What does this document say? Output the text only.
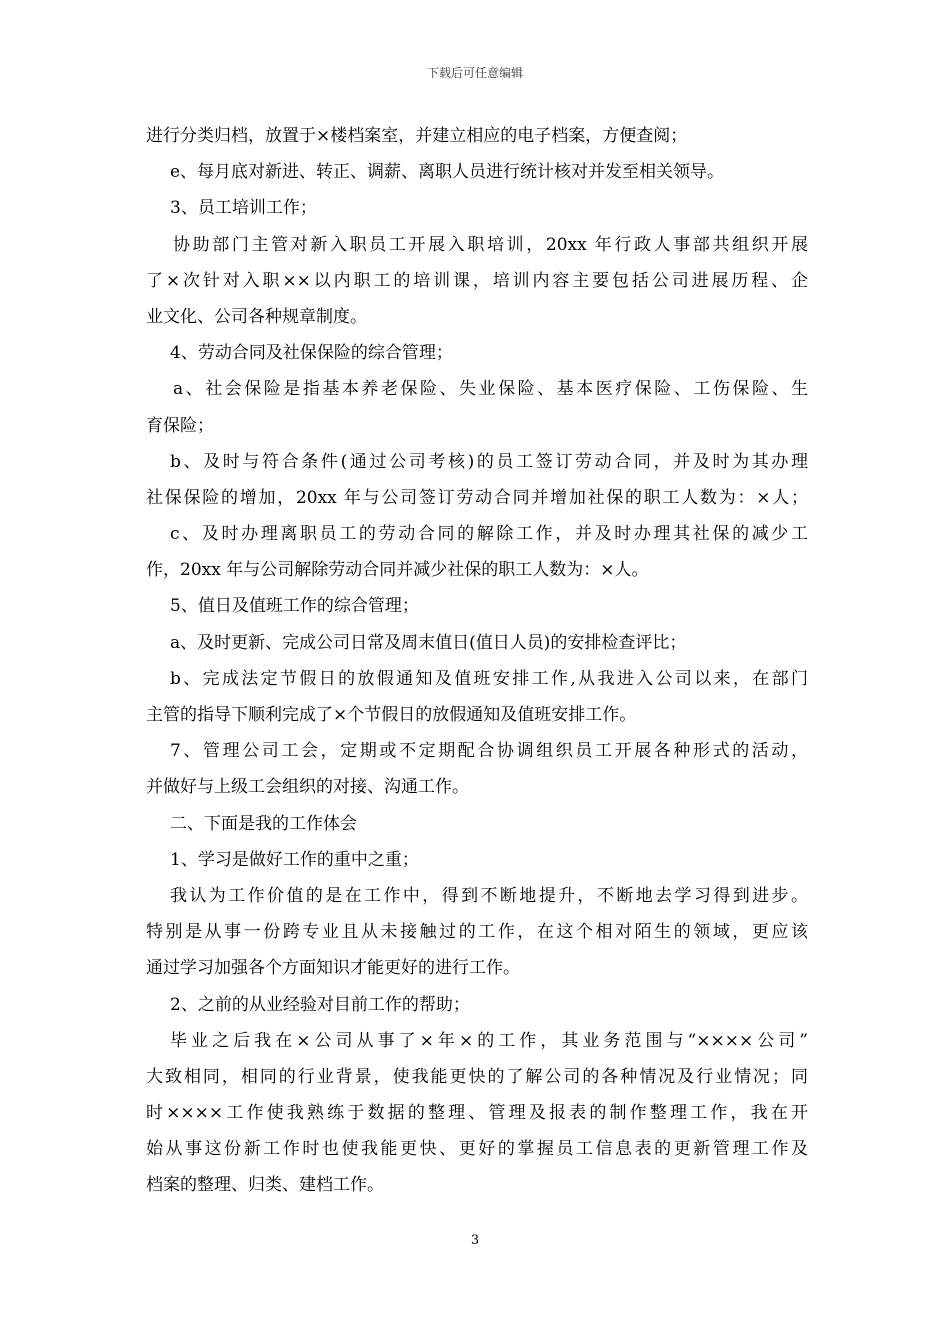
下载后可任意编辑
进行分类归档，放置于×楼档案室，并建立相应的电子档案，方便查阅；
e、每月底对新进、转正、调薪、离职人员进行统计核对并发至相关领导。
3、员工培训工作；
协助部门主管对新入职员工开展入职培训，20xx 年行政人事部共组织开展
了×次针对入职××以内职工的培训课，培训内容主要包括公司进展历程、企
业文化、公司各种规章制度。
4、劳动合同及社保保险的综合管理；
a、社会保险是指基本养老保险、失业保险、基本医疗保险、工伤保险、生
育保险；
b、及时与符合条件(通过公司考核)的员工签订劳动合同，并及时为其办理
社保保险的增加，20xx 年与公司签订劳动合同并增加社保的职工人数为：×人；
c、及时办理离职员工的劳动合同的解除工作，并及时办理其社保的减少工
作，20xx 年与公司解除劳动合同并减少社保的职工人数为：×人。
5、值日及值班工作的综合管理；
a、及时更新、完成公司日常及周末值日(值日人员)的安排检查评比；
b、完成法定节假日的放假通知及值班安排工作,从我进入公司以来，在部门
主管的指导下顺利完成了×个节假日的放假通知及值班安排工作。
7、管理公司工会，定期或不定期配合协调组织员工开展各种形式的活动，
并做好与上级工会组织的对接、沟通工作。
二、下面是我的工作体会
1、学习是做好工作的重中之重；
我认为工作价值的是在工作中，得到不断地提升，不断地去学习得到进步。
特别是从事一份跨专业且从未接触过的工作，在这个相对陌生的领域，更应该
通过学习加强各个方面知识才能更好的进行工作。
2、之前的从业经验对目前工作的帮助；
毕业之后我在×公司从事了×年×的工作，其业务范围与“××××公司”
大致相同，相同的行业背景，使我能更快的了解公司的各种情况及行业情况；同
时××××工作使我熟练于数据的整理、管理及报表的制作整理工作，我在开
始从事这份新工作时也使我能更快、更好的掌握员工信息表的更新管理工作及
档案的整理、归类、建档工作。
3
